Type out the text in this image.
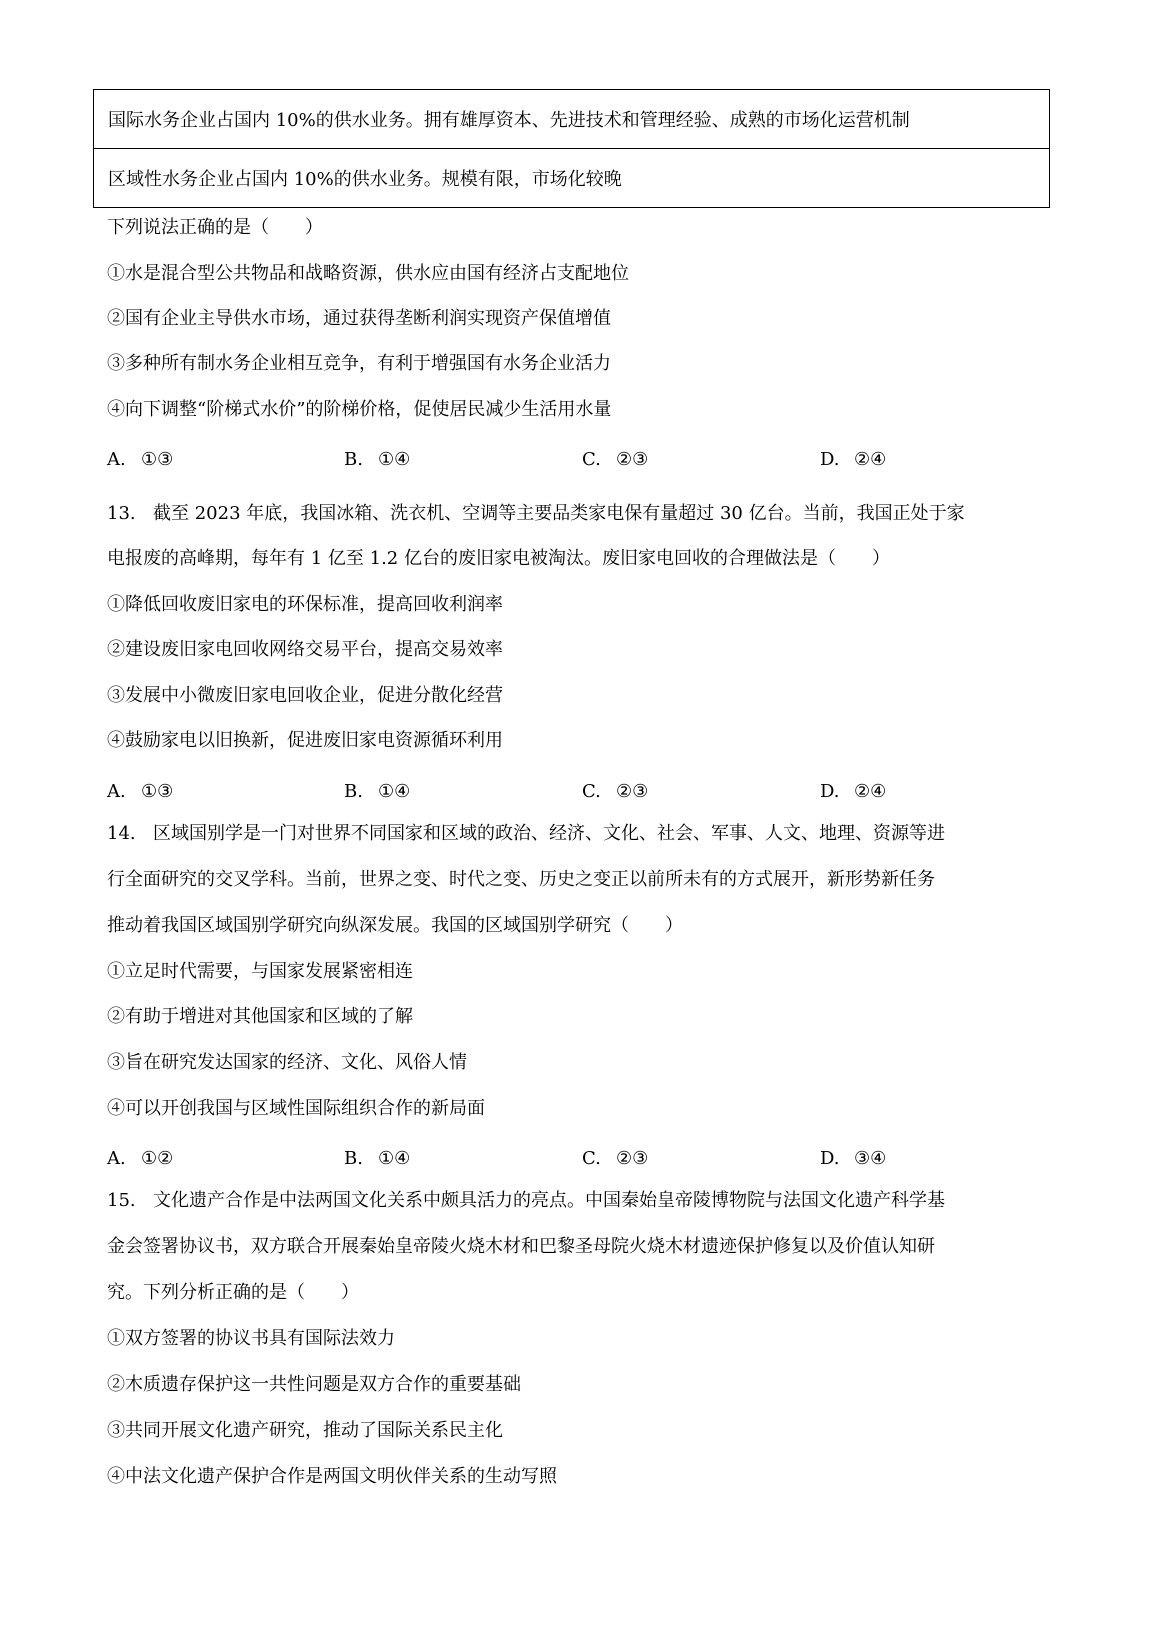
国际水务企业占国内 10%的供水业务。拥有雄厚资本、先进技术和管理经验、成熟的市场化运营机制
区域性水务企业占国内 10%的供水业务。规模有限，市场化较晚
下列说法正确的是（　　）
①水是混合型公共物品和战略资源，供水应由国有经济占支配地位
②国有企业主导供水市场，通过获得垄断利润实现资产保值增值
③多种所有制水务企业相互竞争，有利于增强国有水务企业活力
④向下调整“阶梯式水价”的阶梯价格，促使居民减少生活用水量
A. ①③	B. ①④	C. ②③	D. ②④
13. 截至 2023 年底，我国冰箱、洗衣机、空调等主要品类家电保有量超过 30 亿台。当前，我国正处于家
电报废的高峰期，每年有 1 亿至 1.2 亿台的废旧家电被淘汰。废旧家电回收的合理做法是（　　）
①降低回收废旧家电的环保标准，提高回收利润率
②建设废旧家电回收网络交易平台，提高交易效率
③发展中小微废旧家电回收企业，促进分散化经营
④鼓励家电以旧换新，促进废旧家电资源循环利用
A. ①③	B. ①④	C. ②③	D. ②④
14. 区域国别学是一门对世界不同国家和区域的政治、经济、文化、社会、军事、人文、地理、资源等进
行全面研究的交叉学科。当前，世界之变、时代之变、历史之变正以前所未有的方式展开，新形势新任务
推动着我国区域国别学研究向纵深发展。我国的区域国别学研究（　　）
①立足时代需要，与国家发展紧密相连
②有助于增进对其他国家和区域的了解
③旨在研究发达国家的经济、文化、风俗人情
④可以开创我国与区域性国际组织合作的新局面
A. ①②	B. ①④	C. ②③	D. ③④
15. 文化遗产合作是中法两国文化关系中颇具活力的亮点。中国秦始皇帝陵博物院与法国文化遗产科学基
金会签署协议书，双方联合开展秦始皇帝陵火烧木材和巴黎圣母院火烧木材遗迹保护修复以及价值认知研
究。下列分析正确的是（　　）
①双方签署的协议书具有国际法效力
②木质遗存保护这一共性问题是双方合作的重要基础
③共同开展文化遗产研究，推动了国际关系民主化
④中法文化遗产保护合作是两国文明伙伴关系的生动写照
